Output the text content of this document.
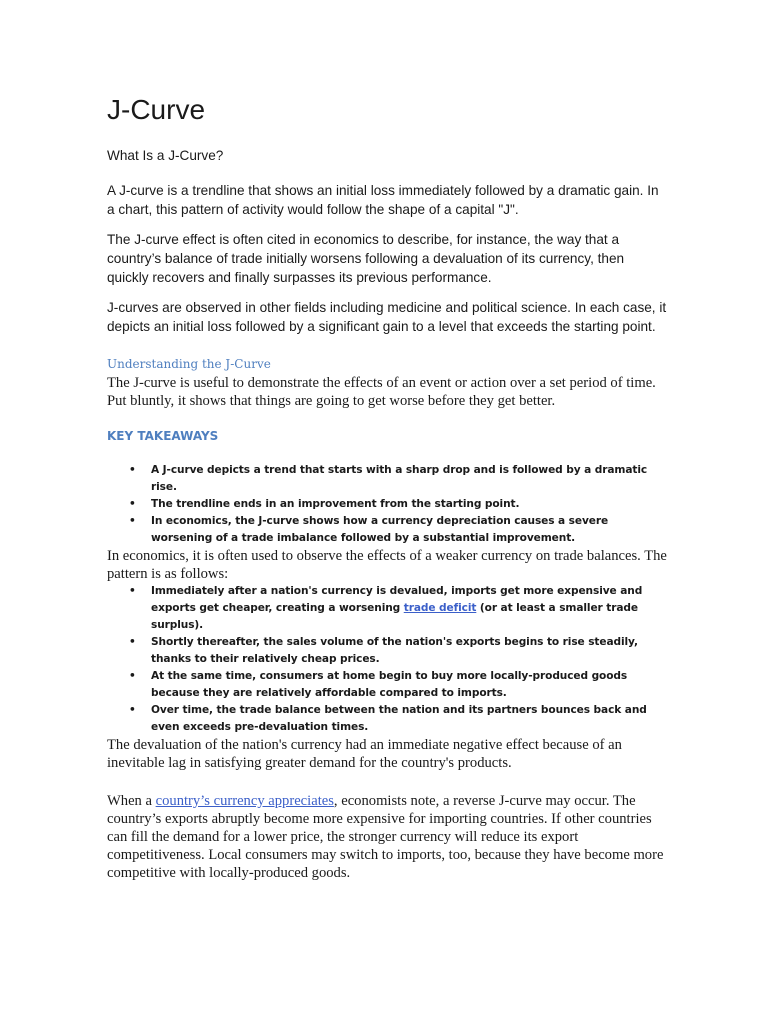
J-Curve

What Is a J-Curve?

A J-curve is a trendline that shows an initial loss immediately followed by a dramatic gain. In a chart, this pattern of activity would follow the shape of a capital "J".

The J-curve effect is often cited in economics to describe, for instance, the way that a country’s balance of trade initially worsens following a devaluation of its currency, then quickly recovers and finally surpasses its previous performance.

J-curves are observed in other fields including medicine and political science. In each case, it depicts an initial loss followed by a significant gain to a level that exceeds the starting point.

Understanding the J-Curve

The J-curve is useful to demonstrate the effects of an event or action over a set period of time. Put bluntly, it shows that things are going to get worse before they get better.

KEY TAKEAWAYS
• A J-curve depicts a trend that starts with a sharp drop and is followed by a dramatic rise.
• The trendline ends in an improvement from the starting point.
• In economics, the J-curve shows how a currency depreciation causes a severe worsening of a trade imbalance followed by a substantial improvement.

In economics, it is often used to observe the effects of a weaker currency on trade balances. The pattern is as follows:

• Immediately after a nation's currency is devalued, imports get more expensive and exports get cheaper, creating a worsening trade deficit (or at least a smaller trade surplus).
• Shortly thereafter, the sales volume of the nation's exports begins to rise steadily, thanks to their relatively cheap prices.
• At the same time, consumers at home begin to buy more locally-produced goods because they are relatively affordable compared to imports.
• Over time, the trade balance between the nation and its partners bounces back and even exceeds pre-devaluation times.

The devaluation of the nation's currency had an immediate negative effect because of an inevitable lag in satisfying greater demand for the country's products.

When a country’s currency appreciates, economists note, a reverse J-curve may occur. The country’s exports abruptly become more expensive for importing countries. If other countries can fill the demand for a lower price, the stronger currency will reduce its export competitiveness. Local consumers may switch to imports, too, because they have become more competitive with locally-produced goods.
